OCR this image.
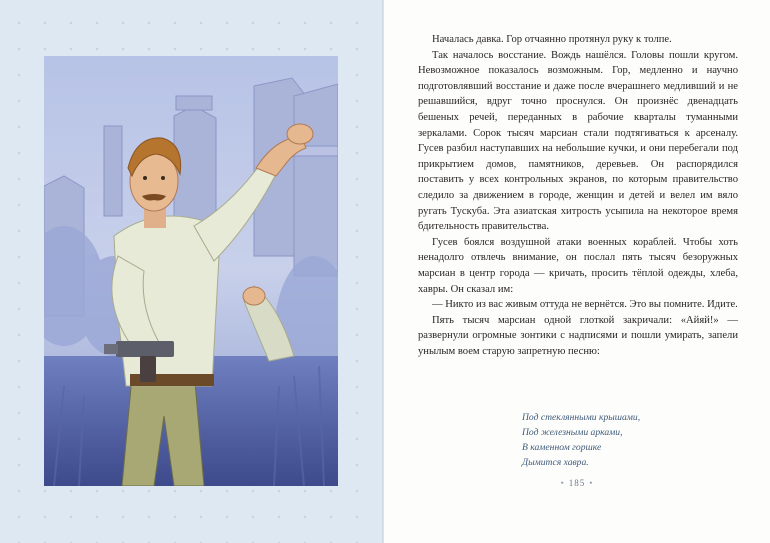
Началась давка. Гор отчаянно протянул руку к толпе.

Так началось восстание. Вождь нашёлся. Головы пошли кругом. Невозможное показалось возможным. Гор, медленно и научно подготовлявший восстание и даже после вчерашнего медливший и не решавшийся, вдруг точно проснулся. Он произнёс двенадцать бешеных речей, переданных в рабочие кварталы туманными зеркалами. Сорок тысяч марсиан стали подтягиваться к арсеналу. Гусев разбил наступавших на небольшие кучки, и они перебегали под прикрытием домов, памятников, деревьев. Он распорядился поставить у всех контрольных экранов, по которым правительство следило за движением в городе, женщин и детей и велел им вяло ругать Тускуба. Эта азиатская хитрость усыпила на некоторое время бдительность правительства.

Гусев боялся воздушной атаки военных кораблей. Чтобы хоть ненадолго отвлечь внимание, он послал пять тысяч безоружных марсиан в центр города — кричать, просить тёплой одежды, хлеба, хавры. Он сказал им:

— Никто из вас живым оттуда не вернётся. Это вы помните. Идите.

Пять тысяч марсиан одной глоткой закричали: «Айяй!» — развернули огромные зонтики с надписями и пошли умирать, запели унылым воем старую запретную песню:

Под стеклянными крышами,
Под железными арками,
В каменном горшке
Дымится хавра.
• 185 •
